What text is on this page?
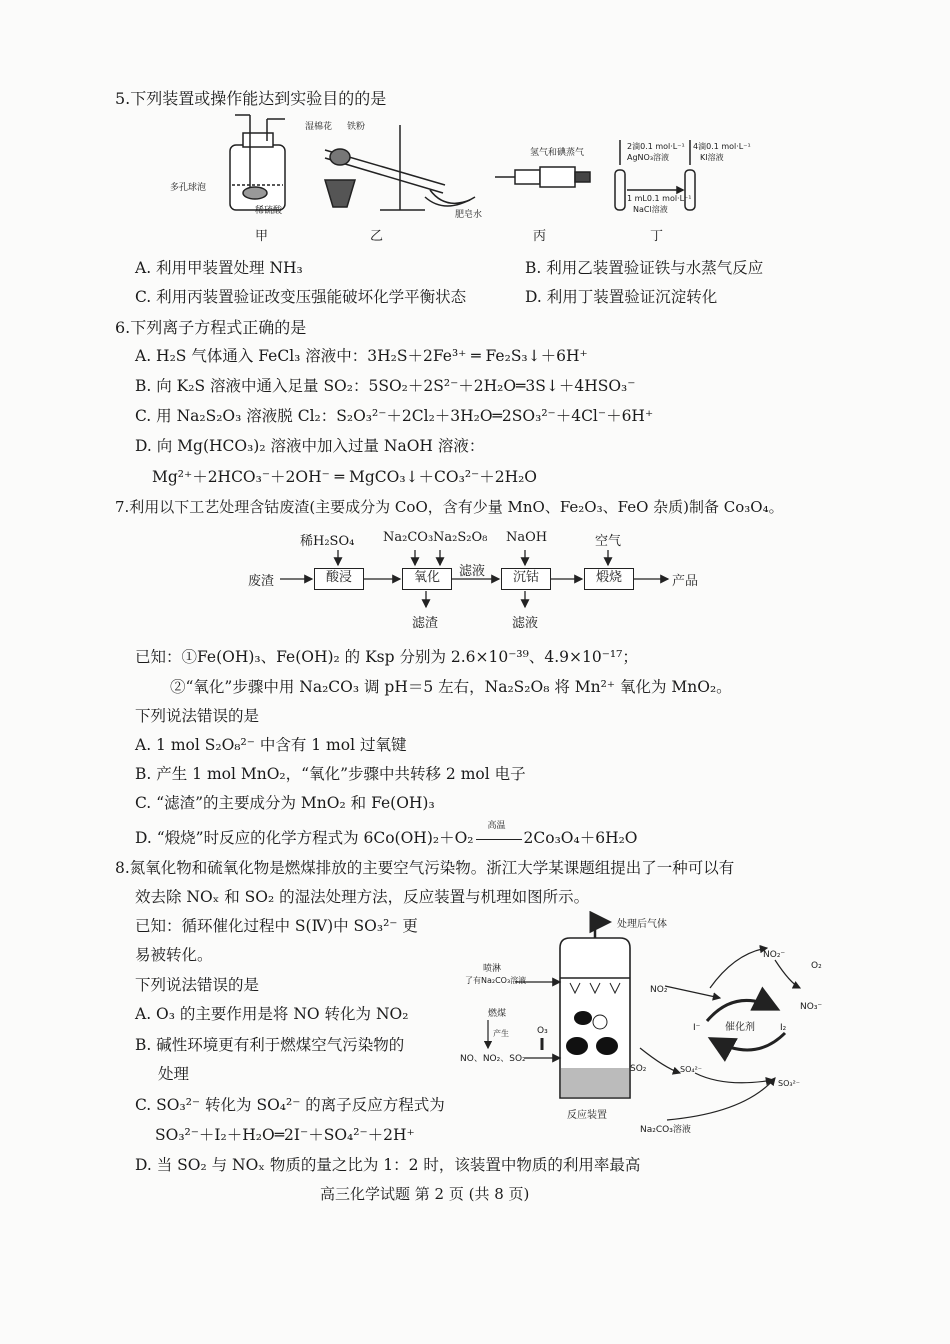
5.下列装置或操作能达到实验目的的是
多孔球泡
稀硫酸
甲
湿棉花 铁粉
肥皂水
乙
氢气和碘蒸气
丙
2滴0.1 mol·L⁻¹
AgNO₃溶液
4滴0.1 mol·L⁻¹
KI溶液
1 mL0.1 mol·L⁻¹
NaCl溶液
丁
A. 利用甲装置处理 NH₃	B. 利用乙装置验证铁与水蒸气反应
C. 利用丙装置验证改变压强能破坏化学平衡状态	D. 利用丁装置验证沉淀转化
6.下列离子方程式正确的是
A. H₂S 气体通入 FeCl₃ 溶液中：3H₂S＋2Fe³⁺ ═ Fe₂S₃↓＋6H⁺
B. 向 K₂S 溶液中通入足量 SO₂：5SO₂＋2S²⁻＋2H₂O═3S↓＋4HSO₃⁻
C. 用 Na₂S₂O₃ 溶液脱 Cl₂：S₂O₃²⁻＋2Cl₂＋3H₂O═2SO₃²⁻＋4Cl⁻＋6H⁺
D. 向 Mg(HCO₃)₂ 溶液中加入过量 NaOH 溶液：
Mg²⁺＋2HCO₃⁻＋2OH⁻ ═ MgCO₃↓＋CO₃²⁻＋2H₂O
7.利用以下工艺处理含钴废渣(主要成分为 CoO，含有少量 MnO、Fe₂O₃、FeO 杂质)制备 Co₃O₄。
稀H₂SO₄ Na₂CO₃ Na₂S₂O₈ NaOH	空气
废渣	酸浸	氧化	滤液	沉钴	煅烧	产品
滤渣	滤液
已知：①Fe(OH)₃、Fe(OH)₂ 的 Ksp 分别为 2.6×10⁻³⁹、4.9×10⁻¹⁷；
②“氧化”步骤中用 Na₂CO₃ 调 pH＝5 左右，Na₂S₂O₈ 将 Mn²⁺ 氧化为 MnO₂。
下列说法错误的是
A. 1 mol S₂O₈²⁻ 中含有 1 mol 过氧键
B. 产生 1 mol MnO₂，“氧化”步骤中共转移 2 mol 电子
C. “滤渣”的主要成分为 MnO₂ 和 Fe(OH)₃
D. “煅烧”时反应的化学方程式为 6Co(OH)₂＋O₂
高温
2Co₃O₄＋6H₂O
8.氮氧化物和硫氧化物是燃煤排放的主要空气污染物。浙江大学某课题组提出了一种可以有
效去除 NOₓ 和 SO₂ 的湿法处理方法，反应装置与机理如图所示。
已知：循环催化过程中 S(Ⅳ)中 SO₃²⁻ 更
易被转化。
下列说法错误的是
A. O₃ 的主要作用是将 NO 转化为 NO₂
B. 碱性环境更有利于燃煤空气污染物的
处理
C. SO₃²⁻ 转化为 SO₄²⁻ 的离子反应方程式为
SO₃²⁻＋I₂＋H₂O═2I⁻＋SO₄²⁻＋2H⁺
D. 当 SO₂ 与 NOₓ 物质的量之比为 1：2 时，该装置中物质的利用率最高
处理后气体
喷淋
了有Na₂CO₃溶液
燃煤
产生	O₃
NO、NO₂、SO₂
反应装置
NO₂
NO₂⁻
O₂
NO₃⁻
I⁻ 催化剂	I₂
SO₂	SO₄²⁻
SO₃²⁻
Na₂CO₃溶液
高三化学试题 第 2 页 (共 8 页)
